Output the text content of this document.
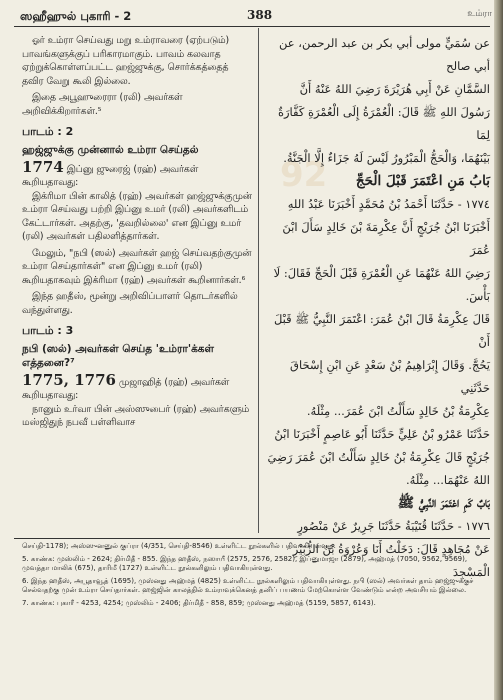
ஸஹீஹுல் புகாரி - 2	388	உம்ரா

ஓர் உம்ரா செய்வது மறு உம்ராவரை (ஏற்படும்) பாவங்களுக்குப் பரிகாரமாகும். பாவம் கலவாத ஏற்றுக்கொள்ளப்பட்ட ஹஜ்ஜுக்கு, சொர்க்கத்தைத் தவிர வேறு கூலி இல்லை.

இதை அபூஹுரைரா (ரலி) அவர்கள் அறிவிக்கிறார்கள்.⁵

பாடம் : 2
ஹஜ்ஜுக்கு முன்னால் உம்ரா செய்தல்
1774 இப்னு ஜுரைஜ் (ரஹ்) அவர்கள் கூறியதாவது:

இக்ரிமா பின் காலித் (ரஹ்) அவர்கள் ஹஜ்ஜுக்குமுன் உம்ரா செய்வது பற்றி இப்னு உமர் (ரலி) அவர்களிடம் கேட்டார்கள். அதற்கு, 'தவறில்லை' என இப்னு உமர் (ரலி) அவர்கள் பதிலளித்தார்கள்.

மேலும், "நபி (ஸல்) அவர்கள் ஹஜ் செய்வதற்குமுன் உம்ரா செய்தார்கள்" என இப்னு உமர் (ரலி) கூறியதாகவும் இக்ரிமா (ரஹ்) அவர்கள் கூறினார்கள்.⁶

இந்த ஹதீஸ், மூன்று அறிவிப்பாளர் தொடர்களில் வந்துள்ளது.

பாடம் : 3
நபி (ஸல்) அவர்கள் செய்த 'உம்ரா'க்கள் எத்தனை?⁷
1775, 1776 முஜாஹித் (ரஹ்) அவர்கள் கூறியதாவது:

நானும் உர்வா பின் அஸ்ஸுபைர் (ரஹ்) அவர்களும் மஸ்ஜிதுந் நபவீ பள்ளிவாச

92

عن سُمَيٍّ مولى أبي بكر بن عبد الرحمن، عن أبي صالح

السَّمَّانِ عَنْ أَبِي هُرَيْرَةَ رَضِيَ اللهُ عَنْهُ أَنَّ

رَسُولَ اللهِ ﷺ قَالَ: الْعُمْرَةُ إِلَى الْعُمْرَةِ كَفَّارَةٌ لِمَا

بَيْنَهُمَا، وَالْحَجُّ الْمَبْرُورُ لَيْسَ لَهُ جَزَاءٌ إِلَّا الْجَنَّةُ.

بَابُ مَنِ اعْتَمَرَ قَبْلَ الْحَجِّ

١٧٧٤ - حَدَّثَنَا أَحْمَدُ بْنُ مُحَمَّدٍ أَخْبَرَنَا عَبْدُ اللهِ

أَخْبَرَنَا ابْنُ جُرَيْجٍ أَنَّ عِكْرِمَةَ بْنَ خَالِدٍ سَأَلَ ابْنَ عُمَرَ

رَضِيَ اللهُ عَنْهُمَا عَنِ الْعُمْرَةِ قَبْلَ الْحَجِّ فَقَالَ: لَا بَأْسَ.

قَالَ عِكْرِمَةُ قَالَ ابْنُ عُمَرَ: اعْتَمَرَ النَّبِيُّ ﷺ قَبْلَ أَنْ

يَحُجَّ. وَقَالَ إِبْرَاهِيمُ بْنُ سَعْدٍ عَنِ ابْنِ إِسْحَاقَ حَدَّثَنِي

عِكْرِمَةُ بْنُ خَالِدٍ سَأَلْتُ ابْنَ عُمَرَ... مِثْلَهُ.

حَدَّثَنَا عَمْرُو بْنُ عَلِيٍّ حَدَّثَنَا أَبُو عَاصِمٍ أَخْبَرَنَا ابْنُ

جُرَيْجٍ قَالَ عِكْرِمَةُ بْنُ خَالِدٍ سَأَلْتُ ابْنَ عُمَرَ رَضِيَ

اللهُ عَنْهُمَا... مِثْلَهُ.

بَابٌ كَمِ اعْتَمَرَ النَّبِيُّ ﷺ

١٧٧٦ - حَدَّثَنَا قُتَيْبَةُ حَدَّثَنَا جَرِيرٌ عَنْ مَنْصُورٍ

عَنْ مُجَاهِدٍ قَالَ: دَخَلْتُ أَنَا وَعُرْوَةُ بْنُ الزُّبَيْرِ الْمَسْجِدَ

செய்தி-1178); அஸ்ஸுனனுல் குப்ரா (4/351, செய்தி-8546) உள்ளிட்ட நூல்களில் பதிவாகியுள்ளது.

5. காண்க: முஸ்லிம் - 2624; திர்மிதீ - 855. இந்த ஹதீஸ், நஸாயீ (2575, 2576, 2582), இப்னுமாஜா (2879), அஹ்மத் (7050, 9562, 9569), முவத்தா மாலிக் (675), தாரிமீ (1727) உள்ளிட்ட நூல்களிலும் பதிவாகியுள்ளது.

6. இந்த ஹதீஸ், அபூதாவூத் (1695), முஸ்னது அஹ்மத் (4825) உள்ளிட்ட நூல்களிலும் பதிவாகியுள்ளது. நபி (ஸல்) அவர்கள் தாம் ஹஜ்ஜுக்குச் செல்வதற்கு முன் உம்ரா செய்தார்கள். ஹஜ்ஜின் காலத்தில் உம்ராவுக்கெனத் தனிப் பயணம் மேற்கொள்ள வேண்டும் என்ற அவசியம் இல்லை.

7. காண்க: புகாரீ - 4253, 4254; முஸ்லிம் - 2406; திர்மிதீ - 858, 859; முஸ்னது அஹ்மத் (5159, 5857, 6143).
